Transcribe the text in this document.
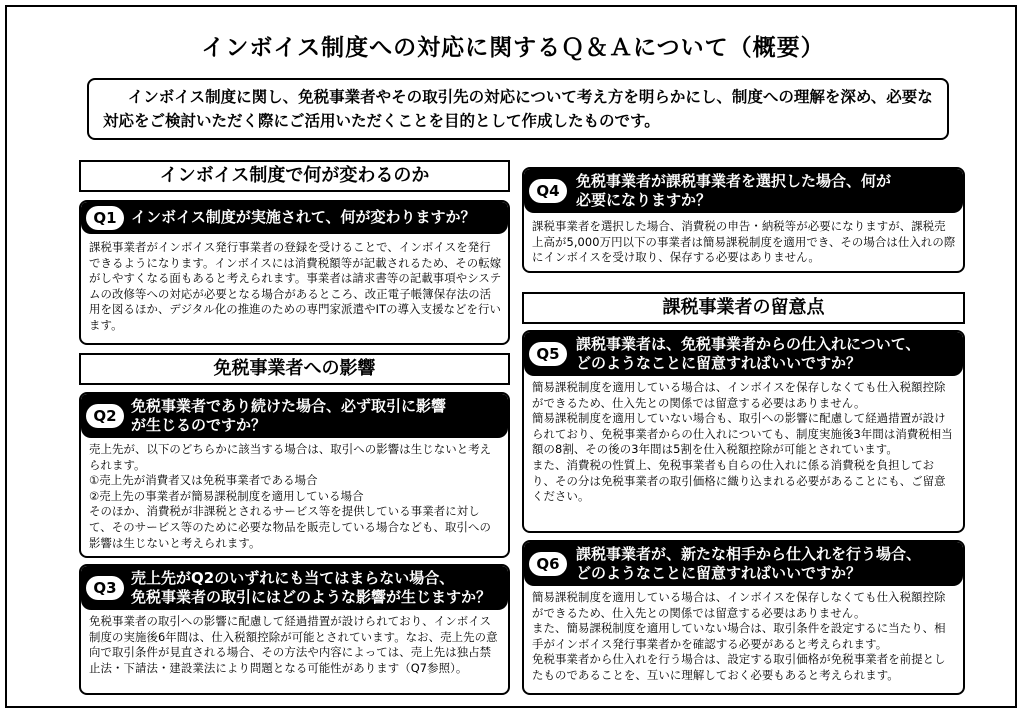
インボイス制度への対応に関するＱ＆Ａについて（概要）
インボイス制度に関し、免税事業者やその取引先の対応について考え方を明らかにし、制度への理解を深め、必要な対応をご検討いただく際にご活用いただくことを目的として作成したものです。
インボイス制度で何が変わるのか
Q1 インボイス制度が実施されて、何が変わりますか？

課税事業者がインボイス発行事業者の登録を受けることで、インボイスを発行できるようになります。インボイスには消費税額等が記載されるため、その転嫁がしやすくなる面もあると考えられます。事業者は請求書等の記載事項やシステムの改修等への対応が必要となる場合があるところ、改正電子帳簿保存法の活用を図るほか、デジタル化の推進のための専門家派遣やITの導入支援などを行います。

免税事業者への影響
Q2
免税事業者であり続けた場合、必ず取引に影響
が生じるのですか？

売上先が、以下のどちらかに該当する場合は、取引への影響は生じないと考えられます。

①売上先が消費者又は免税事業者である場合

②売上先の事業者が簡易課税制度を適用している場合

そのほか、消費税が非課税とされるサービス等を提供している事業者に対して、そのサービス等のために必要な物品を販売している場合なども、取引への影響は生じないと考えられます。

Q3
売上先がQ2のいずれにも当てはまらない場合、
免税事業者の取引にはどのような影響が生じますか？

免税事業者の取引への影響に配慮して経過措置が設けられており、インボイス制度の実施後6年間は、仕入税額控除が可能とされています。なお、売上先の意向で取引条件が見直される場合、その方法や内容によっては、売上先は独占禁止法・下請法・建設業法により問題となる可能性があります（Q7参照）。

Q4
免税事業者が課税事業者を選択した場合、何が
必要になりますか？

課税事業者を選択した場合、消費税の申告・納税等が必要になりますが、課税売上高が5,000万円以下の事業者は簡易課税制度を適用でき、その場合は仕入れの際にインボイスを受け取り、保存する必要はありません。

課税事業者の留意点
Q5
課税事業者は、免税事業者からの仕入れについて、
どのようなことに留意すればいいですか？

簡易課税制度を適用している場合は、インボイスを保存しなくても仕入税額控除ができるため、仕入先との関係では留意する必要はありません。

簡易課税制度を適用していない場合も、取引への影響に配慮して経過措置が設けられており、免税事業者からの仕入れについても、制度実施後3年間は消費税相当額の8割、その後の3年間は5割を仕入税額控除が可能とされています。

また、消費税の性質上、免税事業者も自らの仕入れに係る消費税を負担しており、その分は免税事業者の取引価格に織り込まれる必要があることにも、ご留意ください。

Q6
課税事業者が、新たな相手から仕入れを行う場合、
どのようなことに留意すればいいですか？

簡易課税制度を適用している場合は、インボイスを保存しなくても仕入税額控除ができるため、仕入先との関係では留意する必要はありません。

また、簡易課税制度を適用していない場合は、取引条件を設定するに当たり、相手がインボイス発行事業者かを確認する必要があると考えられます。

免税事業者から仕入れを行う場合は、設定する取引価格が免税事業者を前提としたものであることを、互いに理解しておく必要もあると考えられます。
